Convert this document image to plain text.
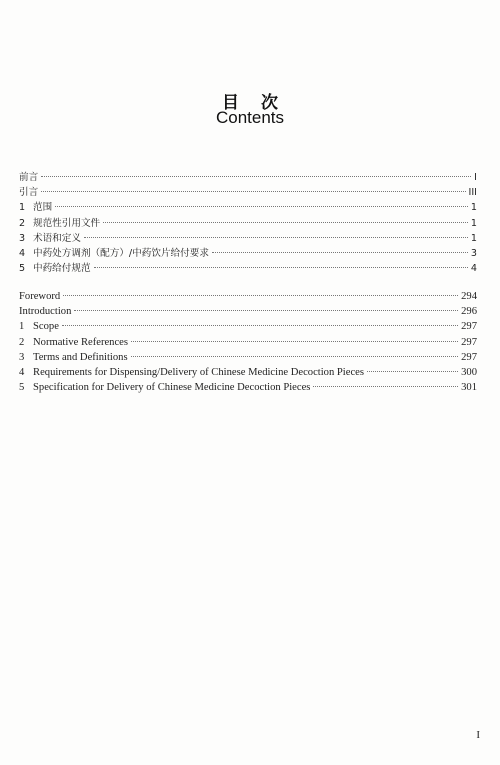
目次
Contents
前言	I
引言	III
1 范围	1
2 规范性引用文件	1
3 术语和定义	1
4 中药处方调剂（配方）/中药饮片给付要求	3
5 中药给付规范	4
Foreword	294
Introduction	296
1 Scope	297
2 Normative References	297
3 Terms and Definitions	297
4 Requirements for Dispensing/Delivery of Chinese Medicine Decoction Pieces	300
5 Specification for Delivery of Chinese Medicine Decoction Pieces	301
I
